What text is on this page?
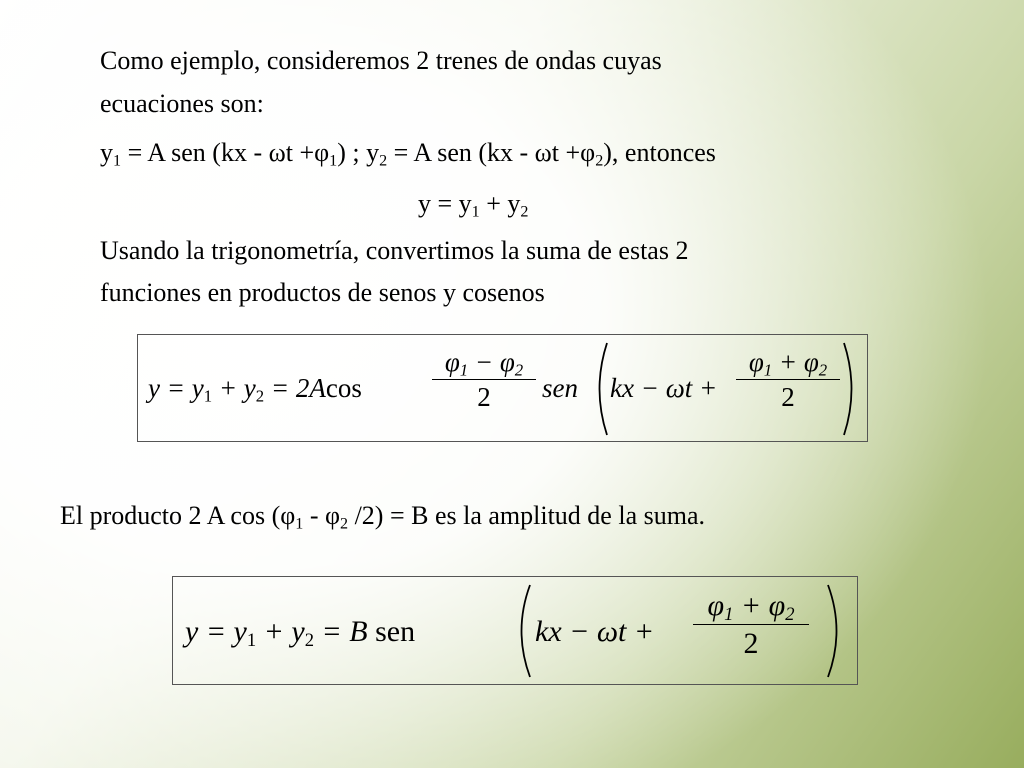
Como ejemplo, consideremos 2 trenes de ondas cuyas
ecuaciones son:
$y_1 = A$ sen $(kx - \omega t +\varphi_1)$ ; $y_2 = A$ sen $(kx - \omega t +\varphi_2)$, entonces
$y = y_1 + y_2$
Usando la trigonometría, convertimos la suma de estas 2
funciones en productos de senos y cosenos
$y = y_1 + y_2 = 2Acos$
$\varphi_1 - \varphi_2$
2	sen kx − ωt +
$\varphi_1 + \varphi_2$
2
El producto 2 A $\cos (\varphi_1 - \varphi_2$ /2) = B es la amplitud de la suma.
$y = y_1 + y_2 = B$ sen	kx − ωt +
$\varphi_1 + \varphi_2$
2
